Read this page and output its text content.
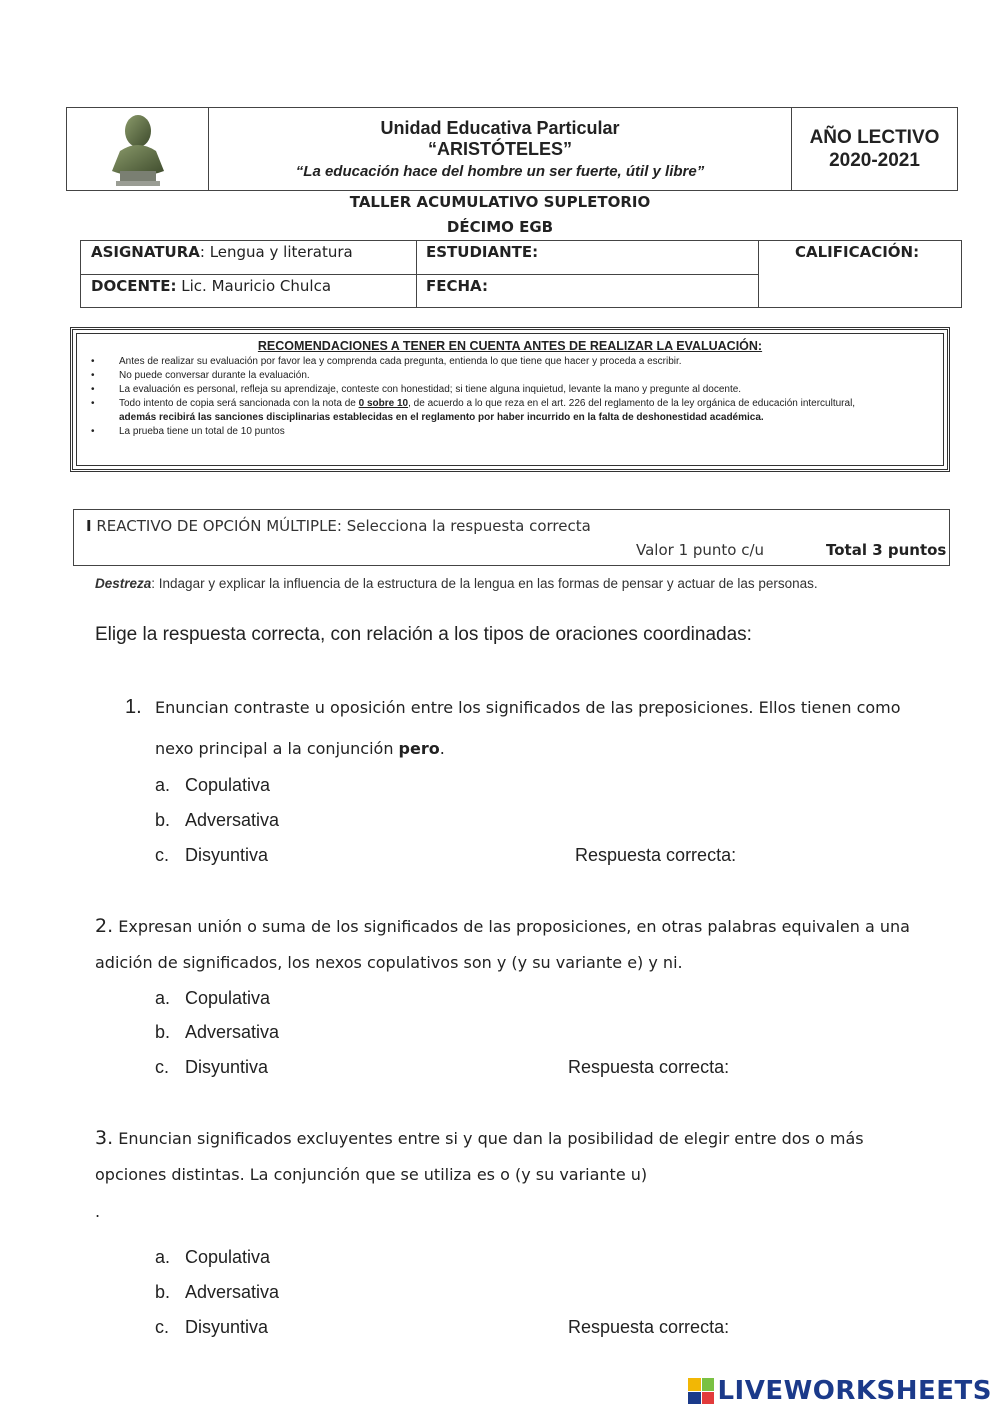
Unidad Educativa Particular
“ARISTÓTELES”
“La educación hace del hombre un ser fuerte, útil y libre”
AÑO LECTIVO
2020-2021
TALLER ACUMULATIVO SUPLETORIO
DÉCIMO EGB
ASIGNATURA: Lengua y literatura	ESTUDIANTE:	CALIFICACIÓN:
DOCENTE: Lic. Mauricio Chulca	FECHA:
RECOMENDACIONES A TENER EN CUENTA ANTES DE REALIZAR LA EVALUACIÓN:
• Antes de realizar su evaluación por favor lea y comprenda cada pregunta, entienda lo que tiene que hacer y proceda a escribir.
• No puede conversar durante la evaluación.
• La evaluación es personal, refleja su aprendizaje, conteste con honestidad; si tiene alguna inquietud, levante la mano y pregunte al docente.
• Todo intento de copia será sancionada con la nota de 0 sobre 10, de acuerdo a lo que reza en el art. 226 del reglamento de la ley orgánica de educación intercultural,
además recibirá las sanciones disciplinarias establecidas en el reglamento por haber incurrido en la falta de deshonestidad académica.
• La prueba tiene un total de 10 puntos
I REACTIVO DE OPCIÓN MÚLTIPLE: Selecciona la respuesta correcta
Valor 1 punto c/u	Total 3 puntos
Destreza: Indagar y explicar la influencia de la estructura de la lengua en las formas de pensar y actuar de las personas.
Elige la respuesta correcta, con relación a los tipos de oraciones coordinadas:
1. Enuncian contraste u oposición entre los significados de las preposiciones. Ellos tienen como
nexo principal a la conjunción pero.
a. Copulativa
b. Adversativa
c. Disyuntiva	Respuesta correcta:
2. Expresan unión o suma de los significados de las proposiciones, en otras palabras equivalen a una
adición de significados, los nexos copulativos son y (y su variante e) y ni.
a. Copulativa
b. Adversativa
c. Disyuntiva	Respuesta correcta:
3. Enuncian significados excluyentes entre si y que dan la posibilidad de elegir entre dos o más
opciones distintas. La conjunción que se utiliza es o (y su variante u)
.
a. Copulativa
b. Adversativa
c. Disyuntiva	Respuesta correcta:
LIVEWORKSHEETS
